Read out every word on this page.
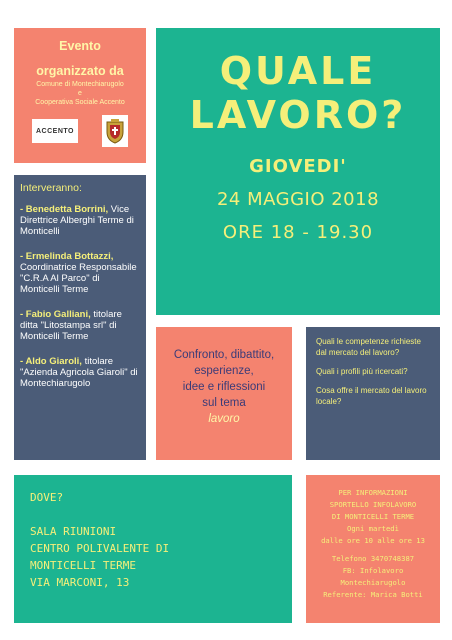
Evento
organizzato da
Comune di Montechiarugolo
e
Cooperativa Sociale Accento
ACCENTO
QUALE
LAVORO?
GIOVEDI'
24 MAGGIO 2018
ORE 18 - 19.30
Interveranno:
- Benedetta Borrini, Vice Direttrice Alberghi Terme di Monticelli
- Ermelinda Bottazzi, Coordinatrice Responsabile "C.R.A Al Parco" di Monticelli Terme
- Fabio Galliani, titolare ditta "Litostampa srl" di Monticelli Terme
- Aldo Giaroli, titolare "Azienda Agricola Giaroli" di Montechiarugolo
Confronto, dibattito,
esperienze,
idee e riflessioni
sul tema
lavoro

Quali le competenze richieste dal mercato del lavoro?

Quali i profili più ricercati?

Cosa offre il mercato del lavoro locale?

DOVE?
SALA RIUNIONI
CENTRO POLIVALENTE DI
MONTICELLI TERME
VIA MARCONI, 13
PER INFORMAZIONI
SPORTELLO INFOLAVORO
DI MONTICELLI TERME
Ogni martedì
dalle ore 10 alle ore 13
Telefono 3470748387
FB: Infolavoro
Montechiarugolo
Referente: Marica Botti
